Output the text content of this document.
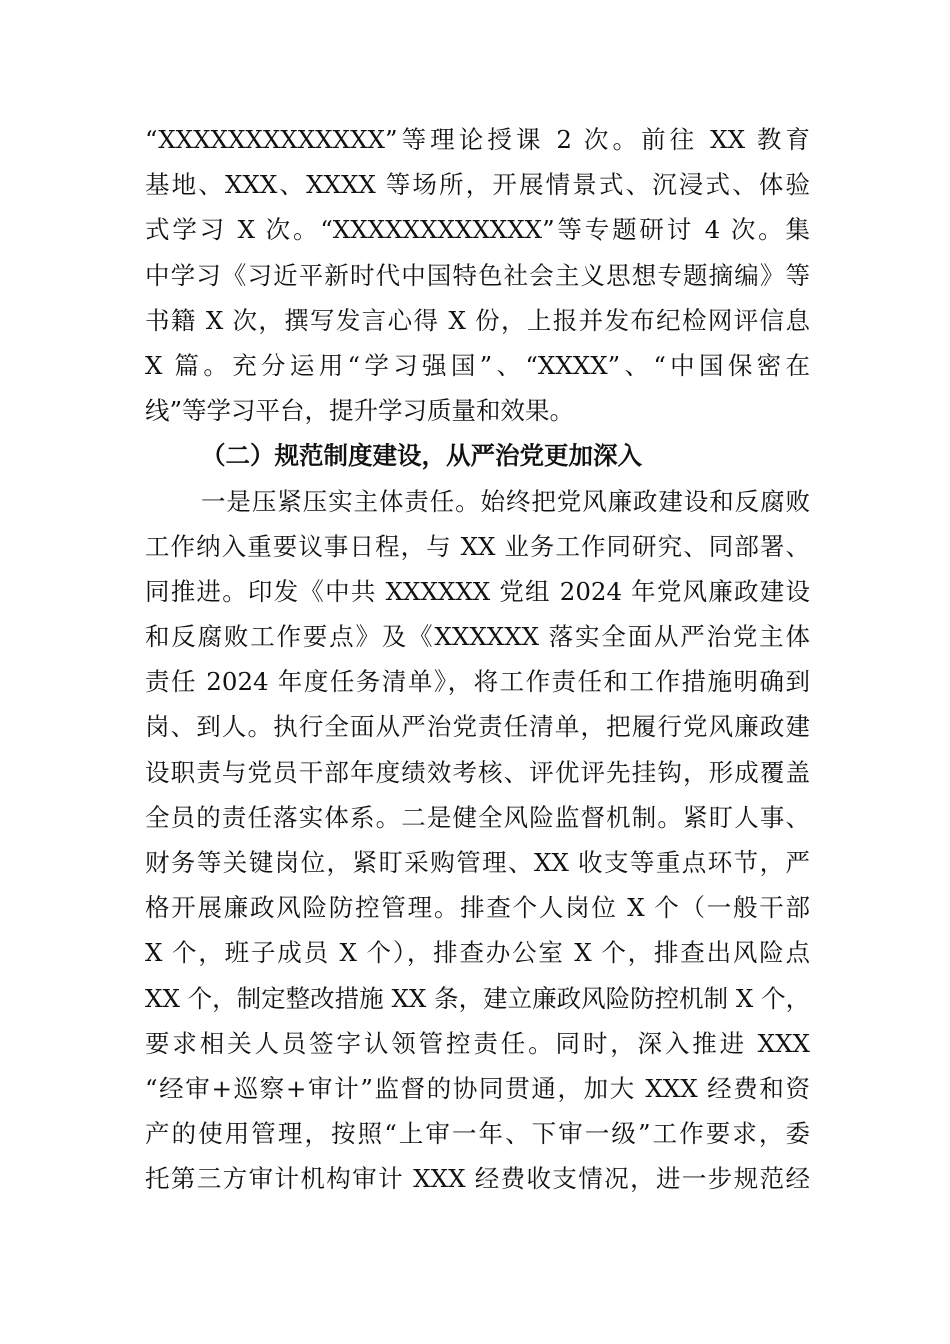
“XXXXXXXXXXXXX”等理论授课 2 次。前往 XX 教育
基地、XXX、XXXX 等场所，开展情景式、沉浸式、体验
式学习 X 次。“XXXXXXXXXXXX”等专题研讨 4 次。集
中学习《习近平新时代中国特色社会主义思想专题摘编》等
书籍 X 次，撰写发言心得 X 份，上报并发布纪检网评信息
X 篇。充分运用“学习强国”、“XXXX”、“中国保密在
线”等学习平台，提升学习质量和效果。
（二）规范制度建设，从严治党更加深入
一是压紧压实主体责任。始终把党风廉政建设和反腐败
工作纳入重要议事日程，与 XX 业务工作同研究、同部署、
同推进。印发《中共 XXXXXX 党组 2024 年党风廉政建设
和反腐败工作要点》及《XXXXXX 落实全面从严治党主体
责任 2024 年度任务清单》，将工作责任和工作措施明确到
岗、到人。执行全面从严治党责任清单，把履行党风廉政建
设职责与党员干部年度绩效考核、评优评先挂钩，形成覆盖
全员的责任落实体系。二是健全风险监督机制。紧盯人事、
财务等关键岗位，紧盯采购管理、XX 收支等重点环节，严
格开展廉政风险防控管理。排查个人岗位 X 个（一般干部
X 个，班子成员 X 个），排查办公室 X 个，排查出风险点
XX 个，制定整改措施 XX 条，建立廉政风险防控机制 X 个，
要求相关人员签字认领管控责任。同时，深入推进 XXX
“经审+巡察+审计”监督的协同贯通，加大 XXX 经费和资
产的使用管理，按照“上审一年、下审一级”工作要求，委
托第三方审计机构审计 XXX 经费收支情况，进一步规范经
